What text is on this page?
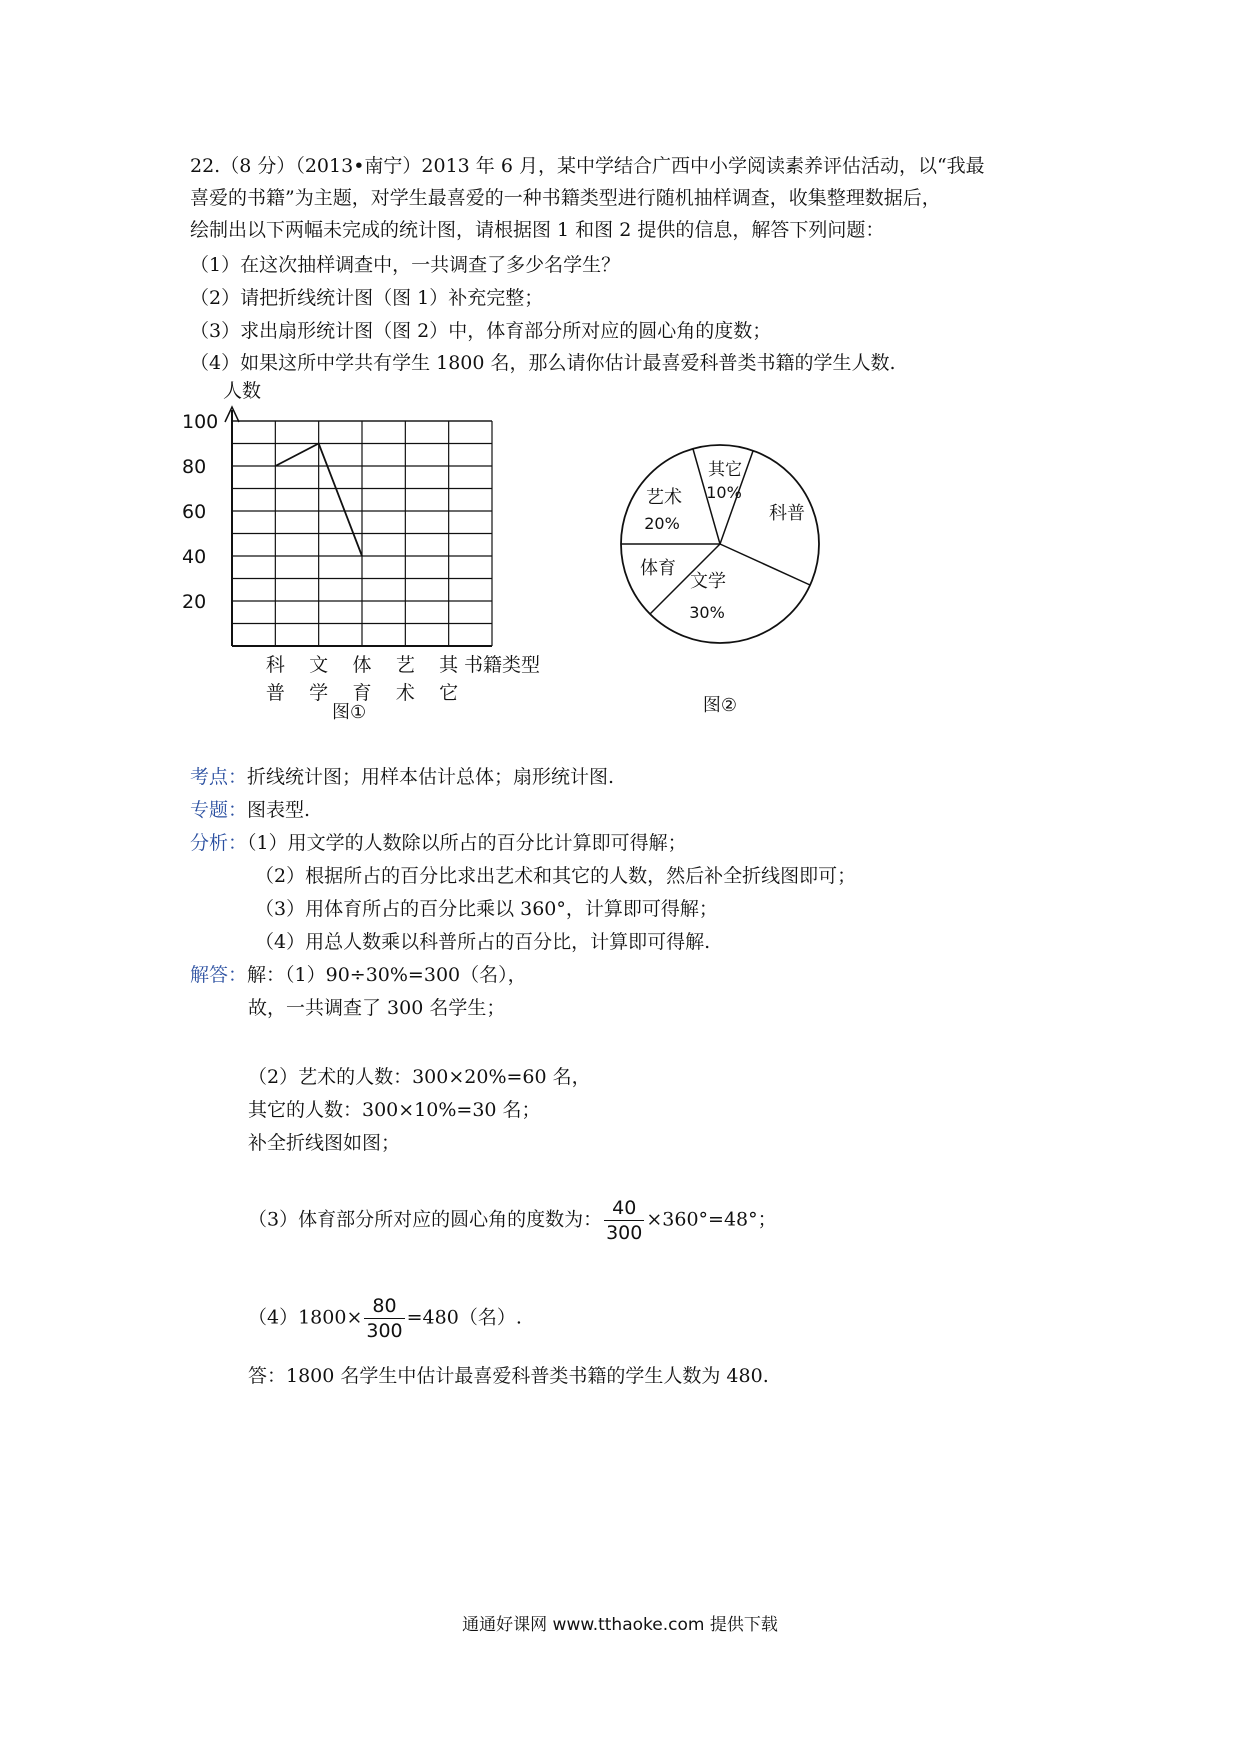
22.（8 分）（2013•南宁）2013 年 6 月，某中学结合广西中小学阅读素养评估活动，以“我最
喜爱的书籍”为主题，对学生最喜爱的一种书籍类型进行随机抽样调查，收集整理数据后，
绘制出以下两幅未完成的统计图，请根据图 1 和图 2 提供的信息，解答下列问题：
（1）在这次抽样调查中，一共调查了多少名学生？
（2）请把折线统计图（图 1）补充完整；
（3）求出扇形统计图（图 2）中，体育部分所对应的圆心角的度数；
（4）如果这所中学共有学生 1800 名，那么请你估计最喜爱科普类书籍的学生人数.
人数
20
40
60
80
100
科
普
文
学
体
育
艺
术
其
它
书籍类型
图①
其它
10%
科普
文学
30%
体育
艺术
20%
图②
考点：折线统计图；用样本估计总体；扇形统计图.
专题：图表型.
分析：（1）用文学的人数除以所占的百分比计算即可得解；
（2）根据所占的百分比求出艺术和其它的人数，然后补全折线图即可；
（3）用体育所占的百分比乘以 360°，计算即可得解；
（4）用总人数乘以科普所占的百分比，计算即可得解.
解答：解：（1）90÷30%=300（名），
故，一共调查了 300 名学生；
（2）艺术的人数：300×20%=60 名，
其它的人数：300×10%=30 名；
补全折线图如图；
（3）体育部分所对应的圆心角的度数为： $\frac{40}{300} \times 360^\circ=48^\circ$；
$(4)1800\times \frac{80}{300} =480$（名）.
答：1800 名学生中估计最喜爱科普类书籍的学生人数为 480.
通通好课网 www.tthaoke.com 提供下载
